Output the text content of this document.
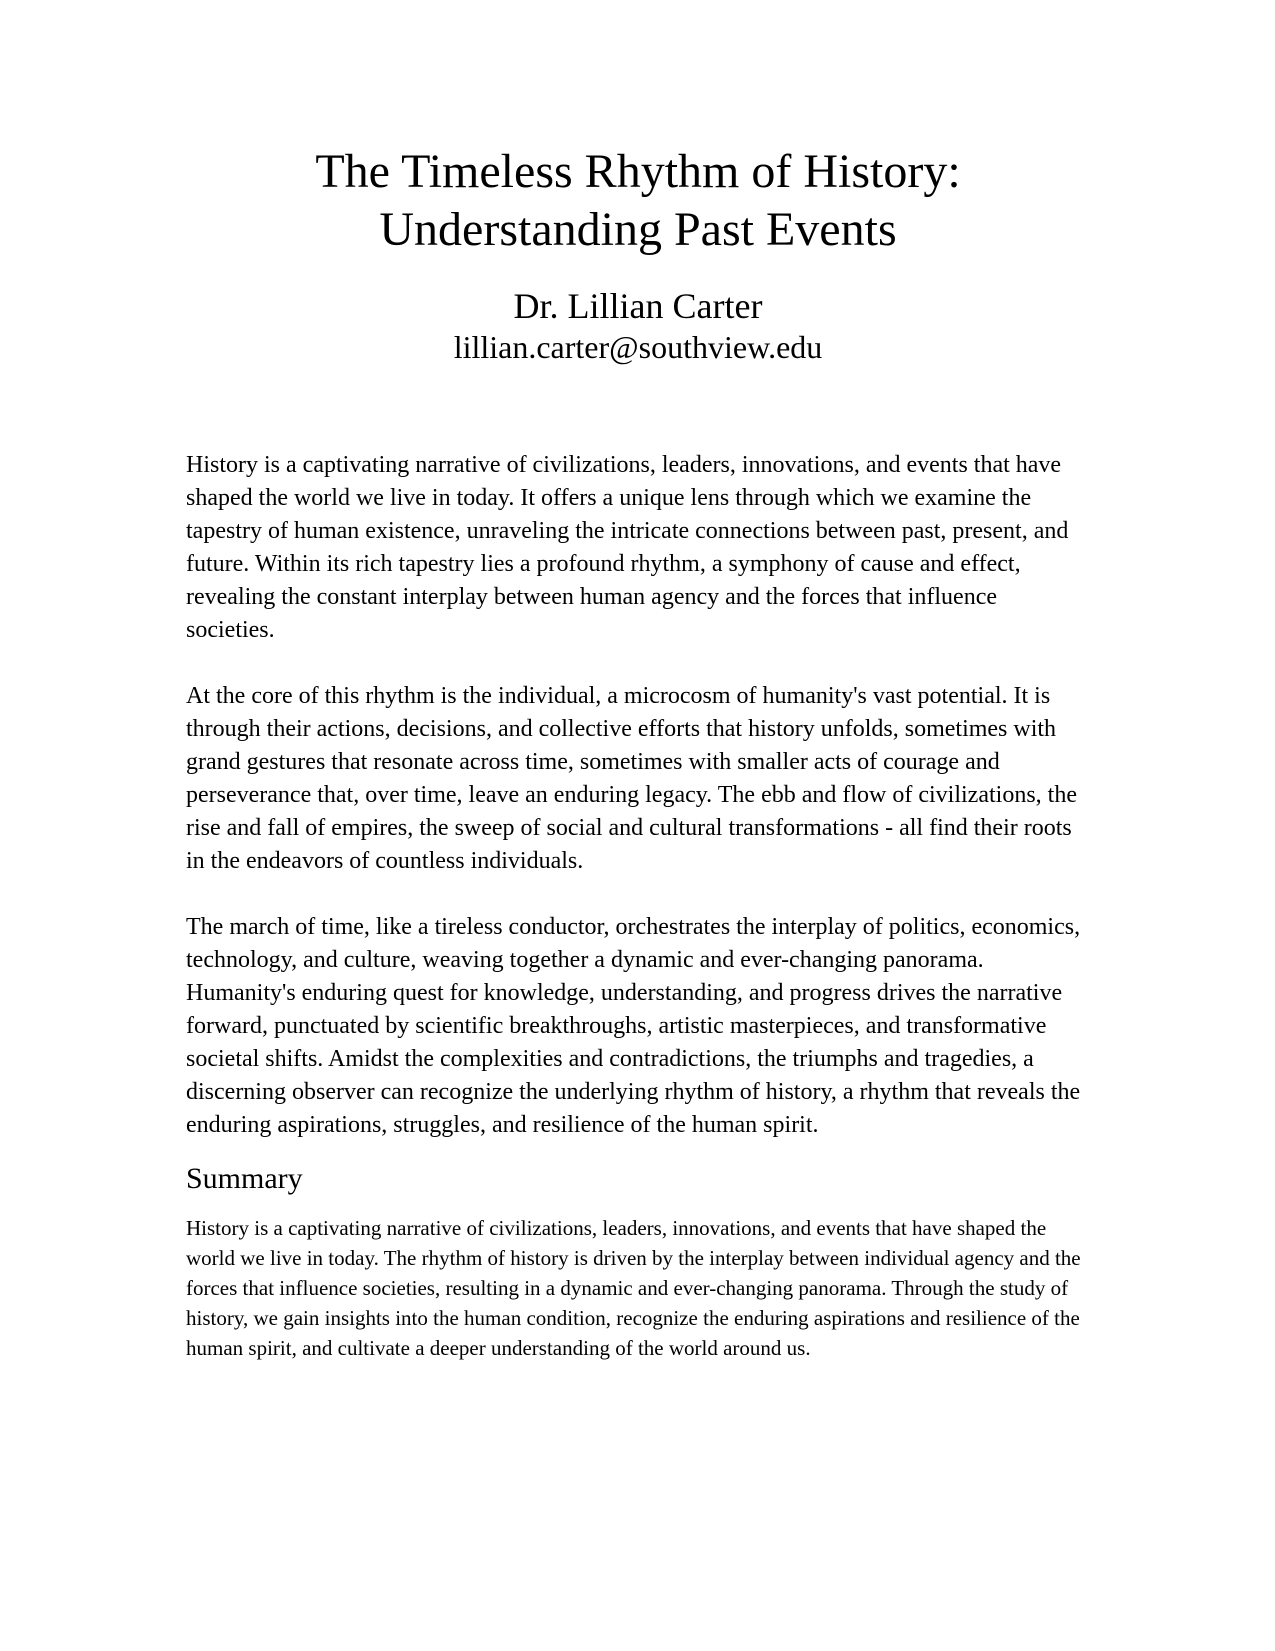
The Timeless Rhythm of History: Understanding Past Events
Dr. Lillian Carter
lillian.carter@southview.edu

History is a captivating narrative of civilizations, leaders, innovations, and events that have shaped the world we live in today. It offers a unique lens through which we examine the tapestry of human existence, unraveling the intricate connections between past, present, and future. Within its rich tapestry lies a profound rhythm, a symphony of cause and effect, revealing the constant interplay between human agency and the forces that influence societies.

At the core of this rhythm is the individual, a microcosm of humanity's vast potential. It is through their actions, decisions, and collective efforts that history unfolds, sometimes with grand gestures that resonate across time, sometimes with smaller acts of courage and perseverance that, over time, leave an enduring legacy. The ebb and flow of civilizations, the rise and fall of empires, the sweep of social and cultural transformations - all find their roots in the endeavors of countless individuals.

The march of time, like a tireless conductor, orchestrates the interplay of politics, economics, technology, and culture, weaving together a dynamic and ever-changing panorama. Humanity's enduring quest for knowledge, understanding, and progress drives the narrative forward, punctuated by scientific breakthroughs, artistic masterpieces, and transformative societal shifts. Amidst the complexities and contradictions, the triumphs and tragedies, a discerning observer can recognize the underlying rhythm of history, a rhythm that reveals the enduring aspirations, struggles, and resilience of the human spirit.

Summary

History is a captivating narrative of civilizations, leaders, innovations, and events that have shaped the world we live in today. The rhythm of history is driven by the interplay between individual agency and the forces that influence societies, resulting in a dynamic and ever-changing panorama. Through the study of history, we gain insights into the human condition, recognize the enduring aspirations and resilience of the human spirit, and cultivate a deeper understanding of the world around us.
